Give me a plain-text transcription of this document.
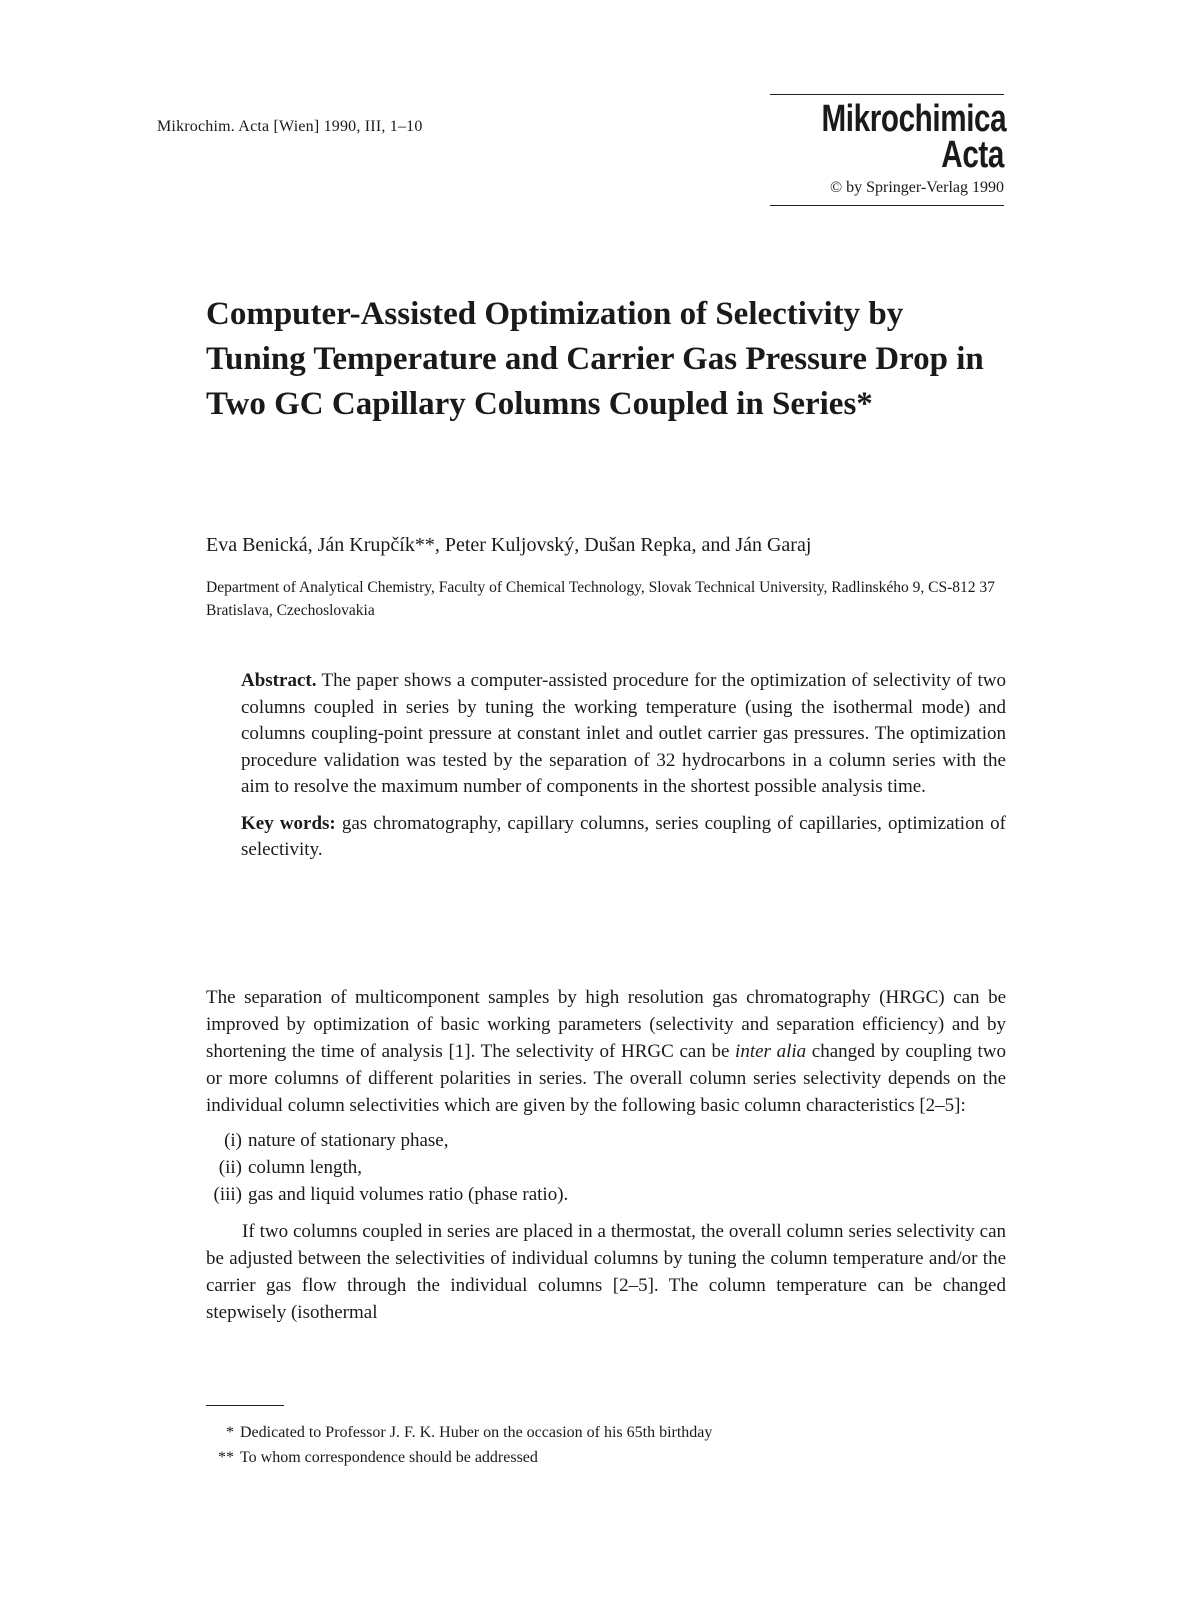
Mikrochim. Acta [Wien] 1990, III, 1–10	Mikrochimica
Acta
© by Springer-Verlag 1990
Computer-Assisted Optimization of Selectivity by Tuning Temperature and Carrier Gas Pressure Drop in Two GC Capillary Columns Coupled in Series*
Eva Benická, Ján Krupčík**, Peter Kuljovský, Dušan Repka, and Ján Garaj
Department of Analytical Chemistry, Faculty of Chemical Technology, Slovak Technical University, Radlinského 9, CS-812 37 Bratislava, Czechoslovakia

Abstract. The paper shows a computer-assisted procedure for the optimization of selectivity of two columns coupled in series by tuning the working temperature (using the isothermal mode) and columns coupling-point pressure at constant inlet and outlet carrier gas pressures. The optimization procedure validation was tested by the separation of 32 hydrocarbons in a column series with the aim to resolve the maximum number of components in the shortest possible analysis time.

Key words: gas chromatography, capillary columns, series coupling of capillaries, optimization of selectivity.

The separation of multicomponent samples by high resolution gas chromatography (HRGC) can be improved by optimization of basic working parameters (selectivity and separation efficiency) and by shortening the time of analysis [1]. The selectivity of HRGC can be inter alia changed by coupling two or more columns of different polarities in series. The overall column series selectivity depends on the individual column selectivities which are given by the following basic column characteristics [2–5]:

(i) nature of stationary phase,
(ii) column length,
(iii) gas and liquid volumes ratio (phase ratio).

If two columns coupled in series are placed in a thermostat, the overall column series selectivity can be adjusted between the selectivities of individual columns by tuning the column temperature and/or the carrier gas flow through the individual columns [2–5]. The column temperature can be changed stepwisely (isothermal

* Dedicated to Professor J. F. K. Huber on the occasion of his 65th birthday
** To whom correspondence should be addressed
